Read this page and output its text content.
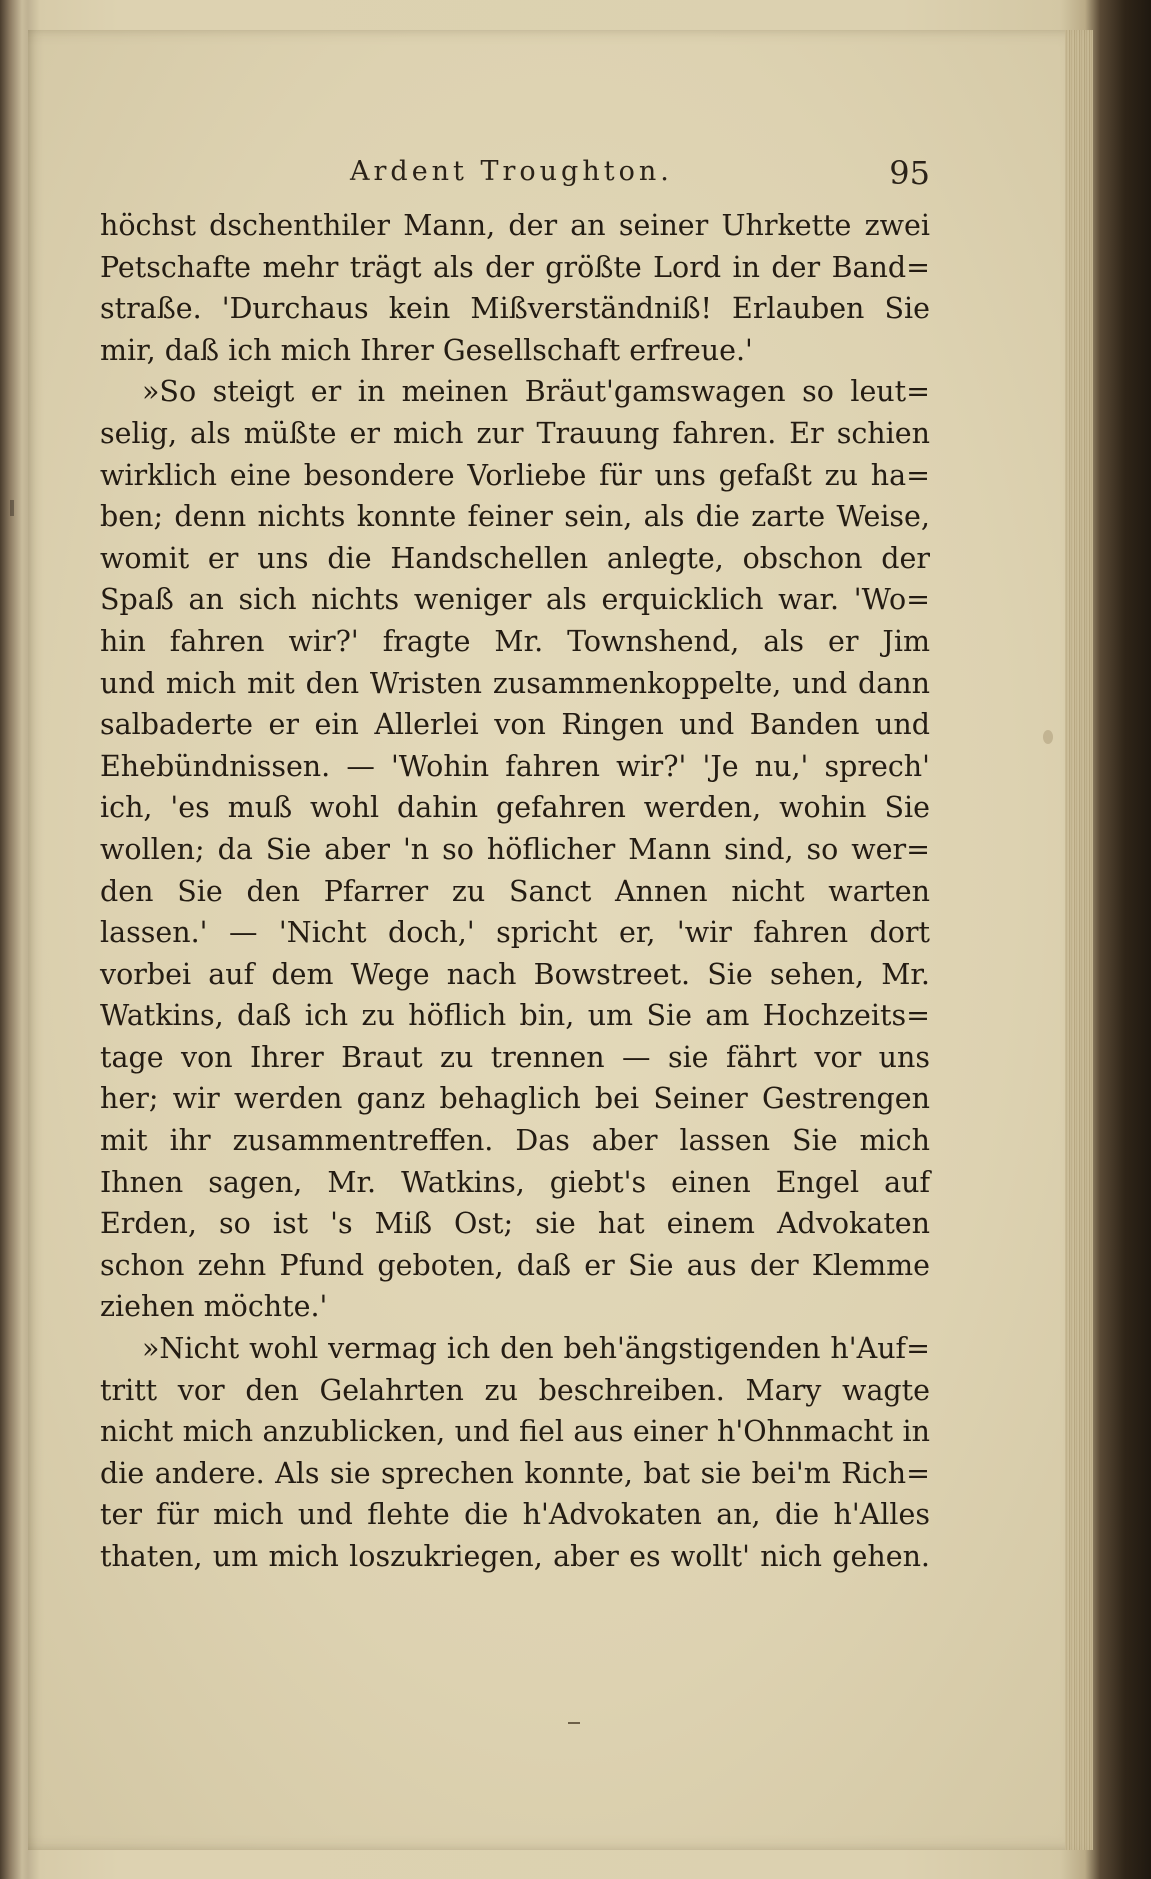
Ardent Troughton.	95
höchst dschenthiler Mann, der an seiner Uhrkette zwei
Petschafte mehr trägt als der größte Lord in der Band=
straße. 'Durchaus kein Mißverständniß! Erlauben Sie
mir, daß ich mich Ihrer Gesellschaft erfreue.'
»So steigt er in meinen Bräut'gamswagen so leut=
selig, als müßte er mich zur Trauung fahren. Er schien
wirklich eine besondere Vorliebe für uns gefaßt zu ha=
ben; denn nichts konnte feiner sein, als die zarte Weise,
womit er uns die Handschellen anlegte, obschon der
Spaß an sich nichts weniger als erquicklich war. 'Wo=
hin fahren wir?' fragte Mr. Townshend, als er Jim
und mich mit den Wristen zusammenkoppelte, und dann
salbaderte er ein Allerlei von Ringen und Banden und
Ehebündnissen. — 'Wohin fahren wir?' 'Je nu,' sprech'
ich, 'es muß wohl dahin gefahren werden, wohin Sie
wollen; da Sie aber 'n so höflicher Mann sind, so wer=
den Sie den Pfarrer zu Sanct Annen nicht warten
lassen.' — 'Nicht doch,' spricht er, 'wir fahren dort
vorbei auf dem Wege nach Bowstreet. Sie sehen, Mr.
Watkins, daß ich zu höflich bin, um Sie am Hochzeits=
tage von Ihrer Braut zu trennen — sie fährt vor uns
her; wir werden ganz behaglich bei Seiner Gestrengen
mit ihr zusammentreffen. Das aber lassen Sie mich
Ihnen sagen, Mr. Watkins, giebt's einen Engel auf
Erden, so ist 's Miß Ost; sie hat einem Advokaten
schon zehn Pfund geboten, daß er Sie aus der Klemme
ziehen möchte.'
»Nicht wohl vermag ich den beh'ängstigenden h'Auf=
tritt vor den Gelahrten zu beschreiben. Mary wagte
nicht mich anzublicken, und fiel aus einer h'Ohnmacht in
die andere. Als sie sprechen konnte, bat sie bei'm Rich=
ter für mich und flehte die h'Advokaten an, die h'Alles
thaten, um mich loszukriegen, aber es wollt' nich gehen.
